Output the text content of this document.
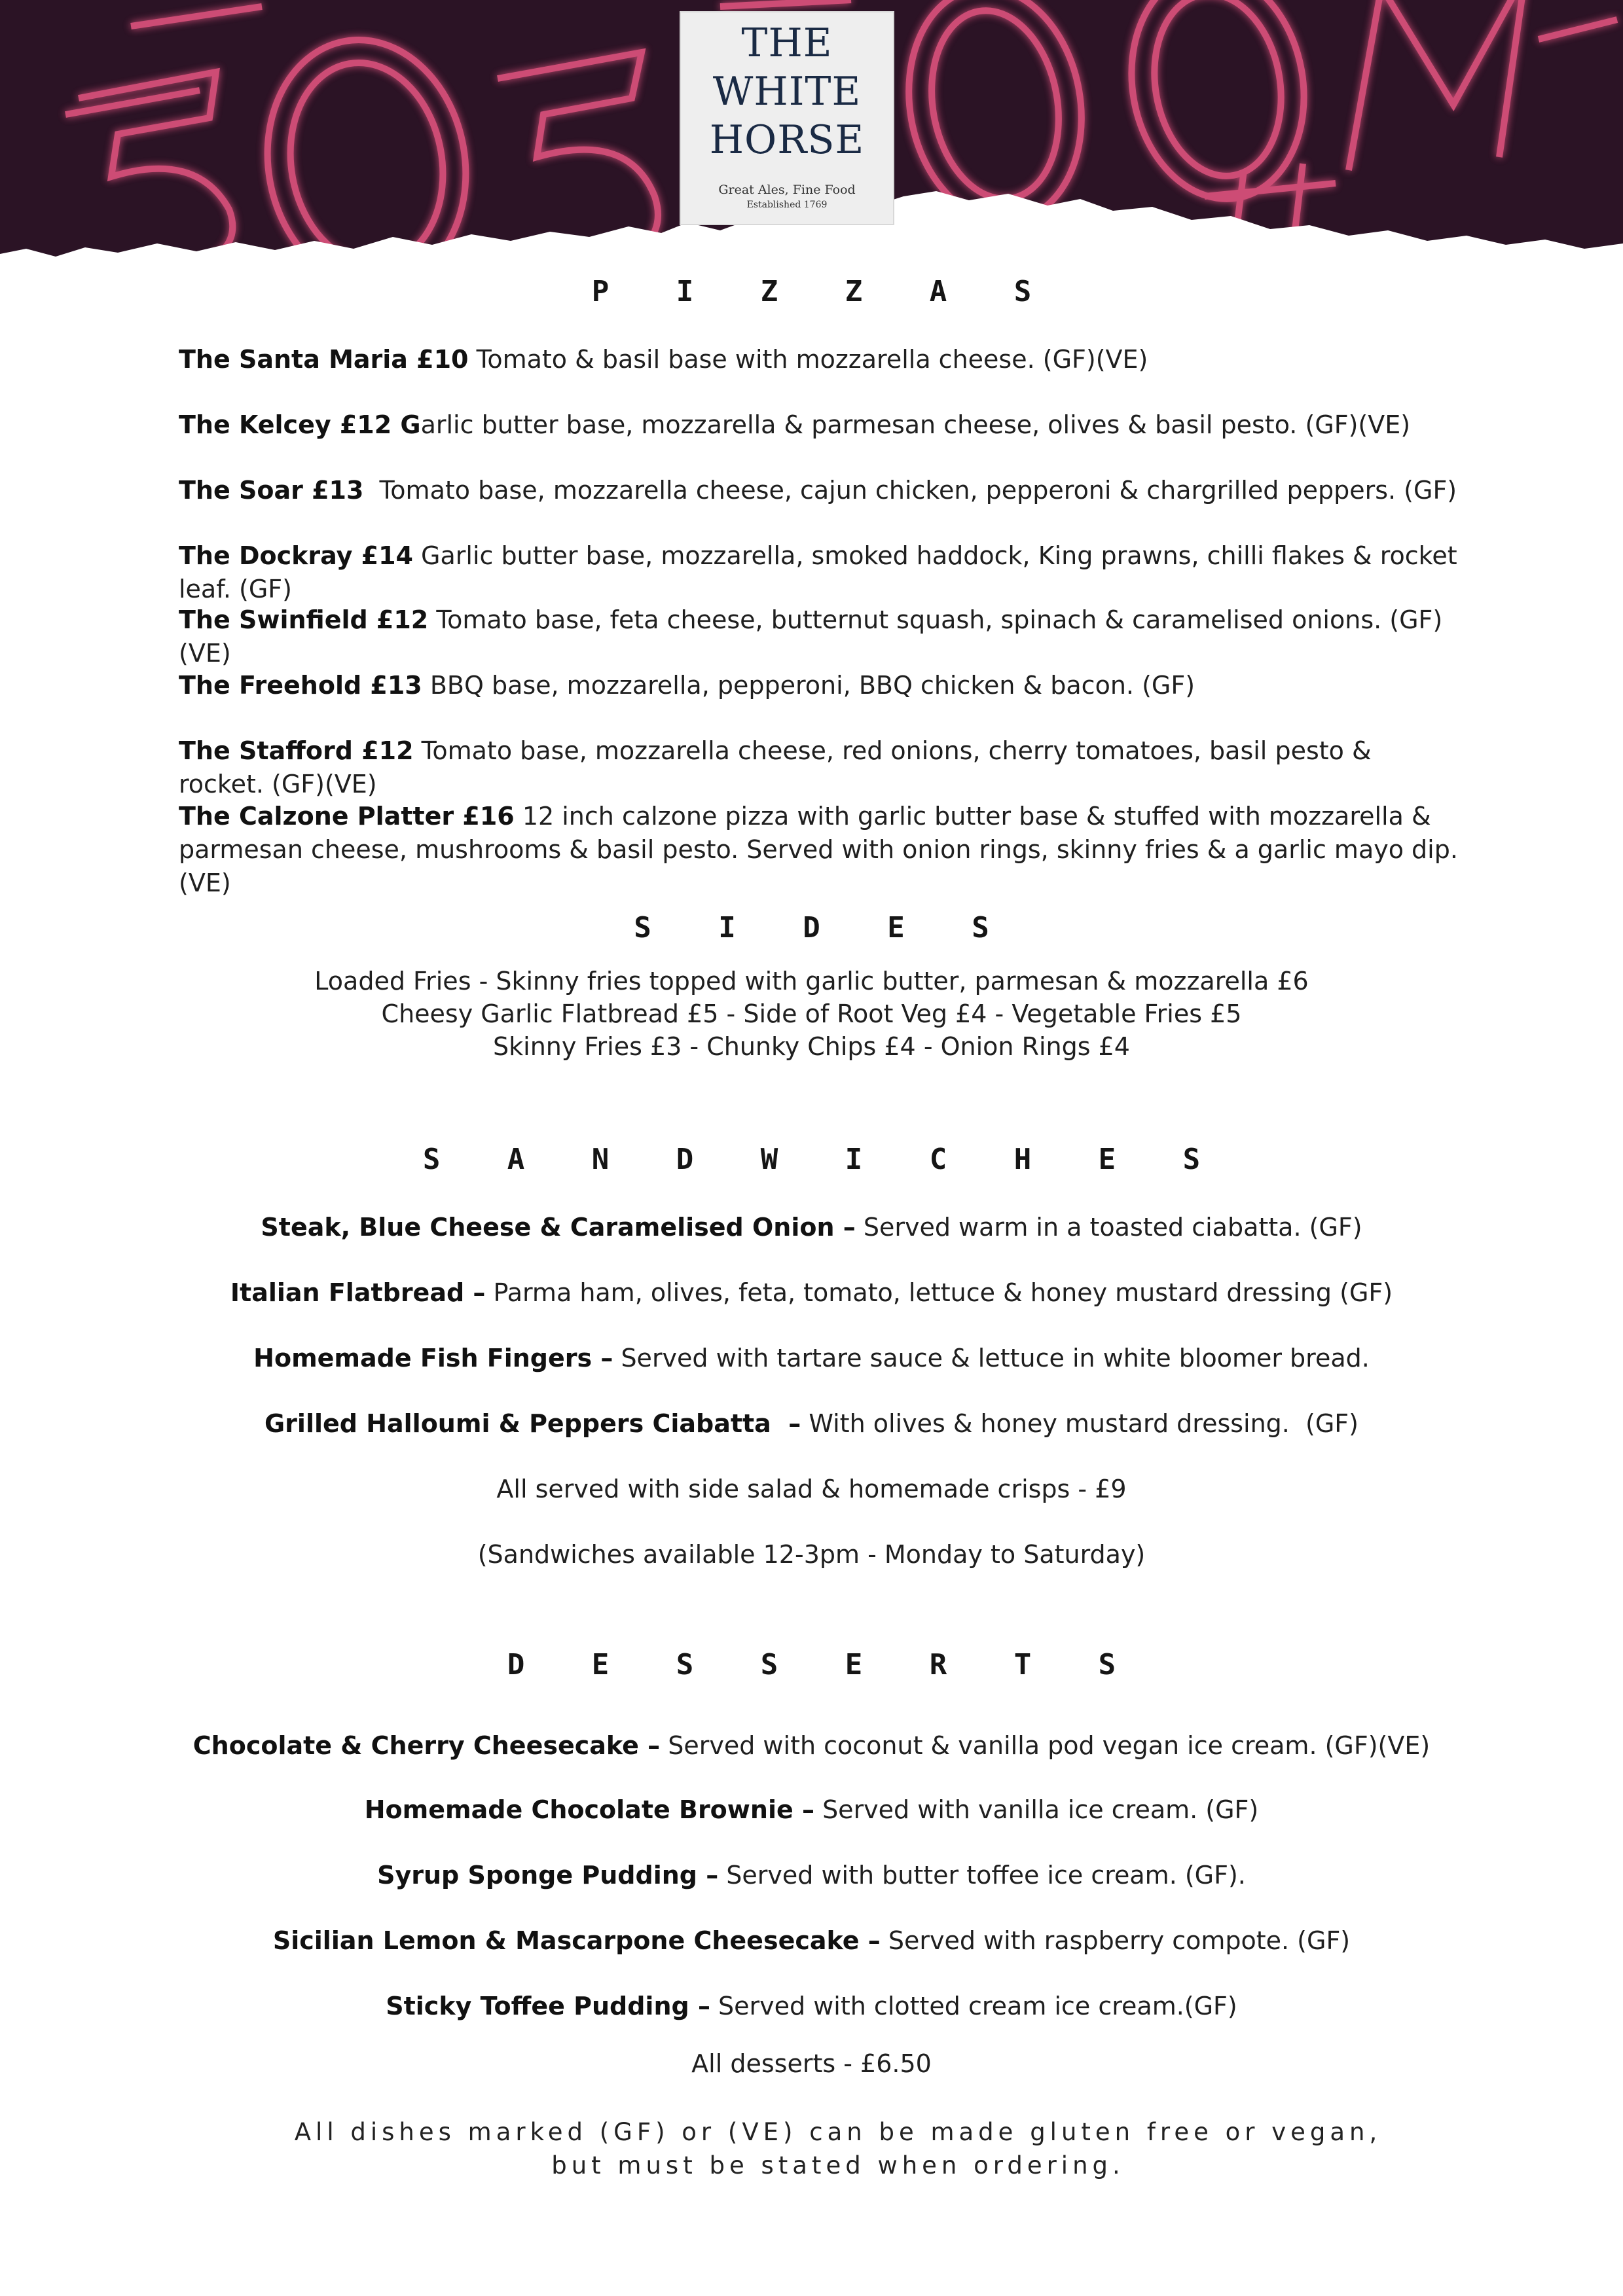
THE
WHITE
HORSE
Great Ales, Fine Food
Established 1769
P I Z Z A S
The Santa Maria £10 Tomato & basil base with mozzarella cheese. (GF)(VE)
The Kelcey £12 Garlic butter base, mozzarella & parmesan cheese, olives & basil pesto. (GF)(VE)
The Soar £13  Tomato base, mozzarella cheese, cajun chicken, pepperoni & chargrilled peppers. (GF)
The Dockray £14 Garlic butter base, mozzarella, smoked haddock, King prawns, chilli flakes & rocket leaf. (GF)
The Swinfield £12 Tomato base, feta cheese, butternut squash, spinach & caramelised onions. (GF)(VE)
The Freehold £13 BBQ base, mozzarella, pepperoni, BBQ chicken & bacon. (GF)
The Stafford £12 Tomato base, mozzarella cheese, red onions, cherry tomatoes, basil pesto & rocket. (GF)(VE)
The Calzone Platter £16 12 inch calzone pizza with garlic butter base & stuffed with mozzarella & parmesan cheese, mushrooms & basil pesto. Served with onion rings, skinny fries & a garlic mayo dip.(VE)
S I D E S
Loaded Fries - Skinny fries topped with garlic butter, parmesan & mozzarella £6
Cheesy Garlic Flatbread £5 - Side of Root Veg £4 - Vegetable Fries £5
Skinny Fries £3 - Chunky Chips £4 - Onion Rings £4
S A N D W I C H E S
Steak, Blue Cheese & Caramelised Onion – Served warm in a toasted ciabatta. (GF)
Italian Flatbread – Parma ham, olives, feta, tomato, lettuce & honey mustard dressing (GF)
Homemade Fish Fingers – Served with tartare sauce & lettuce in white bloomer bread.
Grilled Halloumi & Peppers Ciabatta  – With olives & honey mustard dressing.  (GF)
All served with side salad & homemade crisps - £9
(Sandwiches available 12-3pm - Monday to Saturday)
D E S S E R T S
Chocolate & Cherry Cheesecake – Served with coconut & vanilla pod vegan ice cream. (GF)(VE)
Homemade Chocolate Brownie – Served with vanilla ice cream. (GF)
Syrup Sponge Pudding – Served with butter toffee ice cream. (GF).
Sicilian Lemon & Mascarpone Cheesecake – Served with raspberry compote. (GF)
Sticky Toffee Pudding – Served with clotted cream ice cream.(GF)
All desserts - £6.50
All dishes marked (GF) or (VE) can be made gluten free or vegan, but must be stated when ordering.
